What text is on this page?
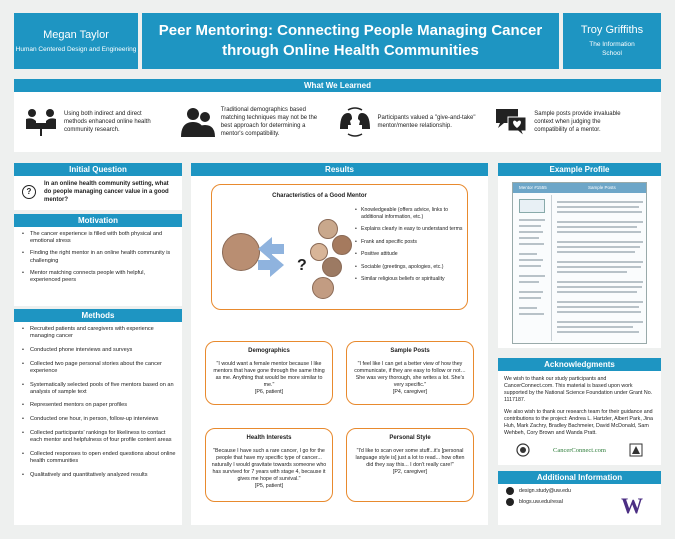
Megan Taylor
Human Centered Design and Engineering
Peer Mentoring: Connecting People Managing Cancer through Online Health Communities
Troy Griffiths
The Information School
What We Learned
Using both indirect and direct methods enhanced online health community research.
Traditional demographics based matching techniques may not be the best approach for determining a mentor's compatibility.
Participants valued a "give-and-take" mentor/mentee relationship.
Sample posts provide invaluable context when judging the compatibility of a mentor.
Initial Question
?
In an online health community setting, what do people managing cancer value in a good mentor?
Motivation
• The cancer experience is filled with both physical and emotional stress
• Finding the right mentor in an online health community is challenging
• Mentor matching connects people with helpful, experienced peers
Methods
• Recruited patients and caregivers with experience managing cancer
• Conducted phone interviews and surveys
• Collected two page personal stories about the cancer experience
• Systematically selected pools of five mentors based on an analysis of sample text
• Represented mentors on paper profiles
• Conducted one hour, in person, follow-up interviews
• Collected participants' rankings for likeliness to contact each mentor and helpfulness of four profile content areas
• Collected responses to open ended questions about online health communities
• Qualitatively and quantitatively analyzed results
Results
Characteristics of a Good Mentor
?
• Knowledgeable (offers advice, links to additional information, etc.)
• Explains clearly in easy to understand terms
• Frank and specific posts
• Positive attitude
• Sociable (greetings, apologies, etc.)
• Similar religious beliefs or spirituality
Demographics
"I would want a female mentor because I like mentors that have gone through the same thing as me. Anything that would be more similar to me."
[P6, patient]
Sample Posts
"I feel like I can get a better view of how they communicate, if they are easy to follow or not… She was very thorough, she writes a lot. She's very specific."
[P4, caregiver]
Health Interests
"Because I have such a rare cancer, I go for the people that have my specific type of cancer... naturally I would gravitate towards someone who has survived for 7 years with stage 4, because it gives me hope of survival."
[P5, patient]
Personal Style
"I'd like to scan over some stuff...it's [personal language style is] just a lot to read... how often did they say this... I don't really care!"
[P2, caregiver]
Example Profile
Mentor #1555	Sample Posts
Acknowledgments

We wish to thank our study participants and CancerConnect.com. This material is based upon work supported by the National Science Foundation under Grant No. 1117187.

We also wish to thank our research team for their guidance and contributions to the project: Andrea L. Hartzler, Albert Park, Jina Huh, Mark Zachry, Bradley Bachmeier, David McDonald, Sam Wehbeh, Cory Brown and Wanda Pratt.

CancerConnect.com
Additional Information
design.study@uw.edu
blogs.uw.edu/resal	W
